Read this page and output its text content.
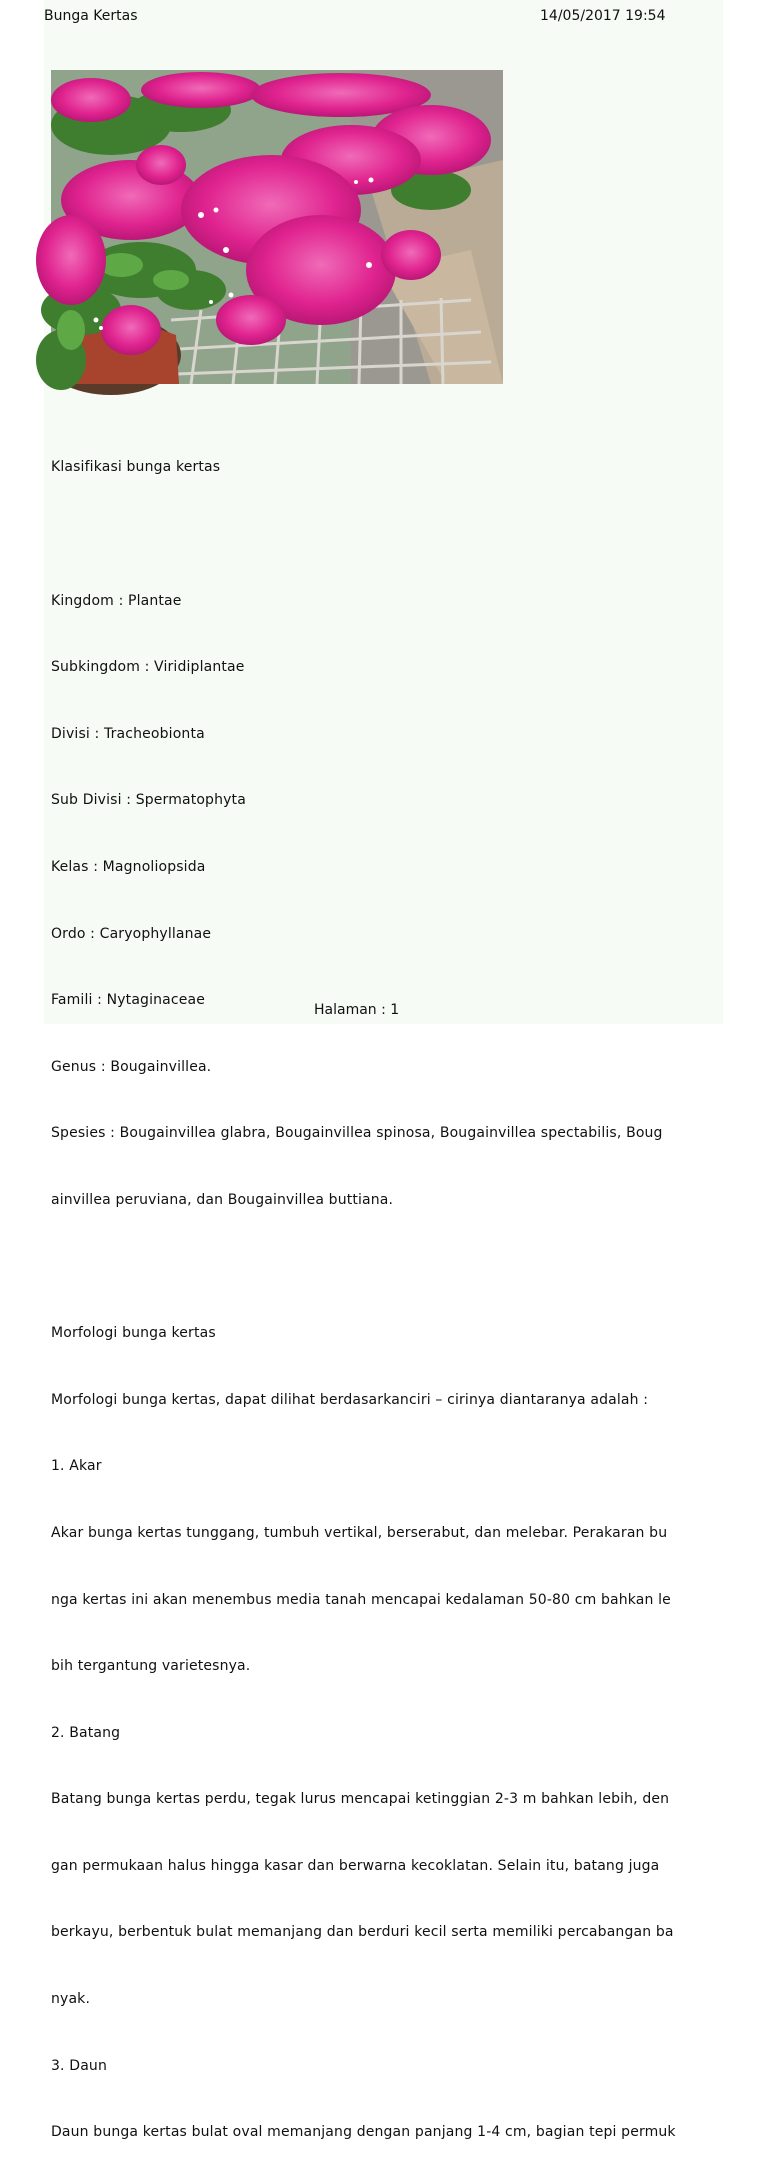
Bunga Kertas	14/05/2017 19:54

Klasifikasi bunga kertas

Kingdom : Plantae

Subkingdom : Viridiplantae

Divisi : Tracheobionta

Sub Divisi : Spermatophyta

Kelas : Magnoliopsida

Ordo : Caryophyllanae

Famili : Nytaginaceae

Genus : Bougainvillea.

Spesies : Bougainvillea glabra, Bougainvillea spinosa, Bougainvillea spectabilis, Boug

ainvillea peruviana, dan Bougainvillea buttiana.

Morfologi bunga kertas

Morfologi bunga kertas, dapat dilihat berdasarkanciri – cirinya diantaranya adalah :

1. Akar

Akar bunga kertas tunggang, tumbuh vertikal, berserabut, dan melebar. Perakaran bu

nga kertas ini akan menembus media tanah mencapai kedalaman 50-80 cm bahkan le

bih tergantung varietesnya.

2. Batang

Batang bunga kertas perdu, tegak lurus mencapai ketinggian 2-3 m bahkan lebih, den

gan permukaan halus hingga kasar dan berwarna kecoklatan. Selain itu, batang juga

berkayu, berbentuk bulat memanjang dan berduri kecil serta memiliki percabangan ba

nyak.

3. Daun

Daun bunga kertas bulat oval memanjang dengan panjang 1-4 cm, bagian tepi permuk

Halaman : 1
